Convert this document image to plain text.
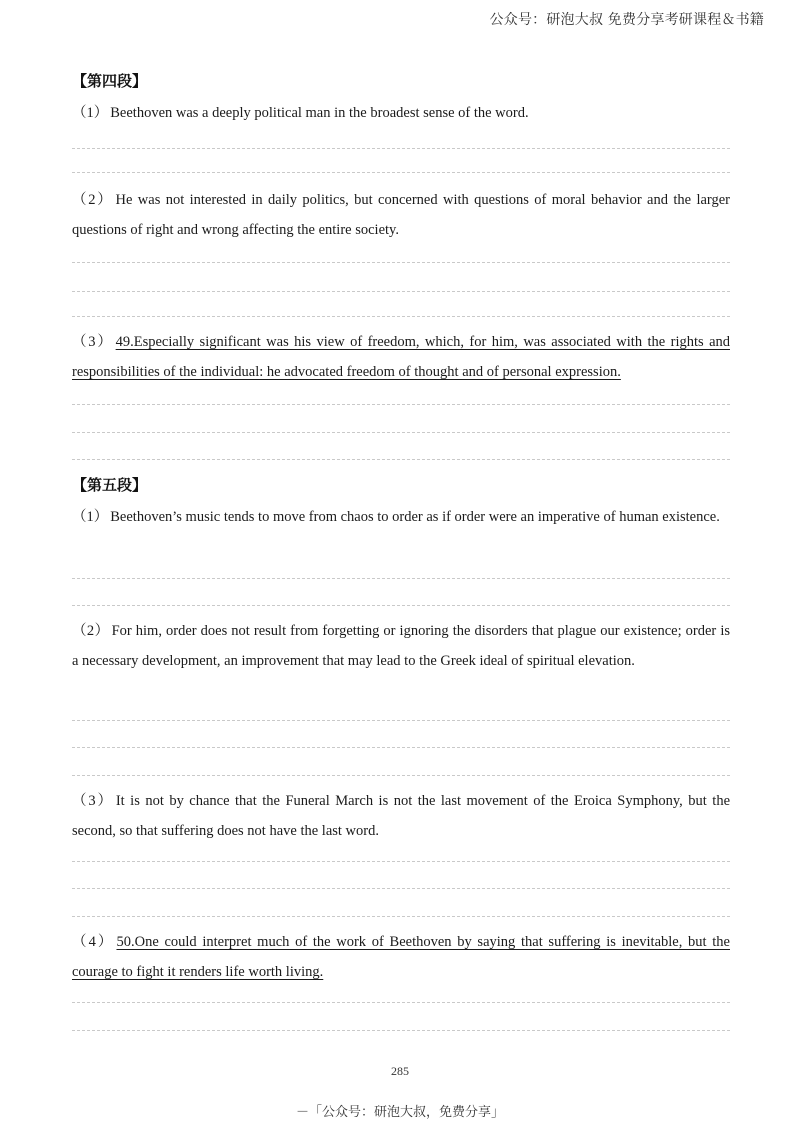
公众号：研泡大叔 免费分享考研课程＆书籍
【第四段】

（1） Beethoven was a deeply political man in the broadest sense of the word.

（2） He was not interested in daily politics, but concerned with questions of moral behavior and the larger questions of right and wrong affecting the entire society.

（3） 49.Especially significant was his view of freedom, which, for him, was associated with the rights and responsibilities of the individual: he advocated freedom of thought and of personal expression.

【第五段】

（1） Beethoven’s music tends to move from chaos to order as if order were an imperative of human existence.

（2） For him, order does not result from forgetting or ignoring the disorders that plague our existence; order is a necessary development, an improvement that may lead to the Greek ideal of spiritual elevation.

（3） It is not by chance that the Funeral March is not the last movement of the Eroica Symphony, but the second, so that suffering does not have the last word.

（4） 50.One could interpret much of the work of Beethoven by saying that suffering is inevitable, but the courage to fight it renders life worth living.

285
－「公众号：研泡大叔，免费分享」
